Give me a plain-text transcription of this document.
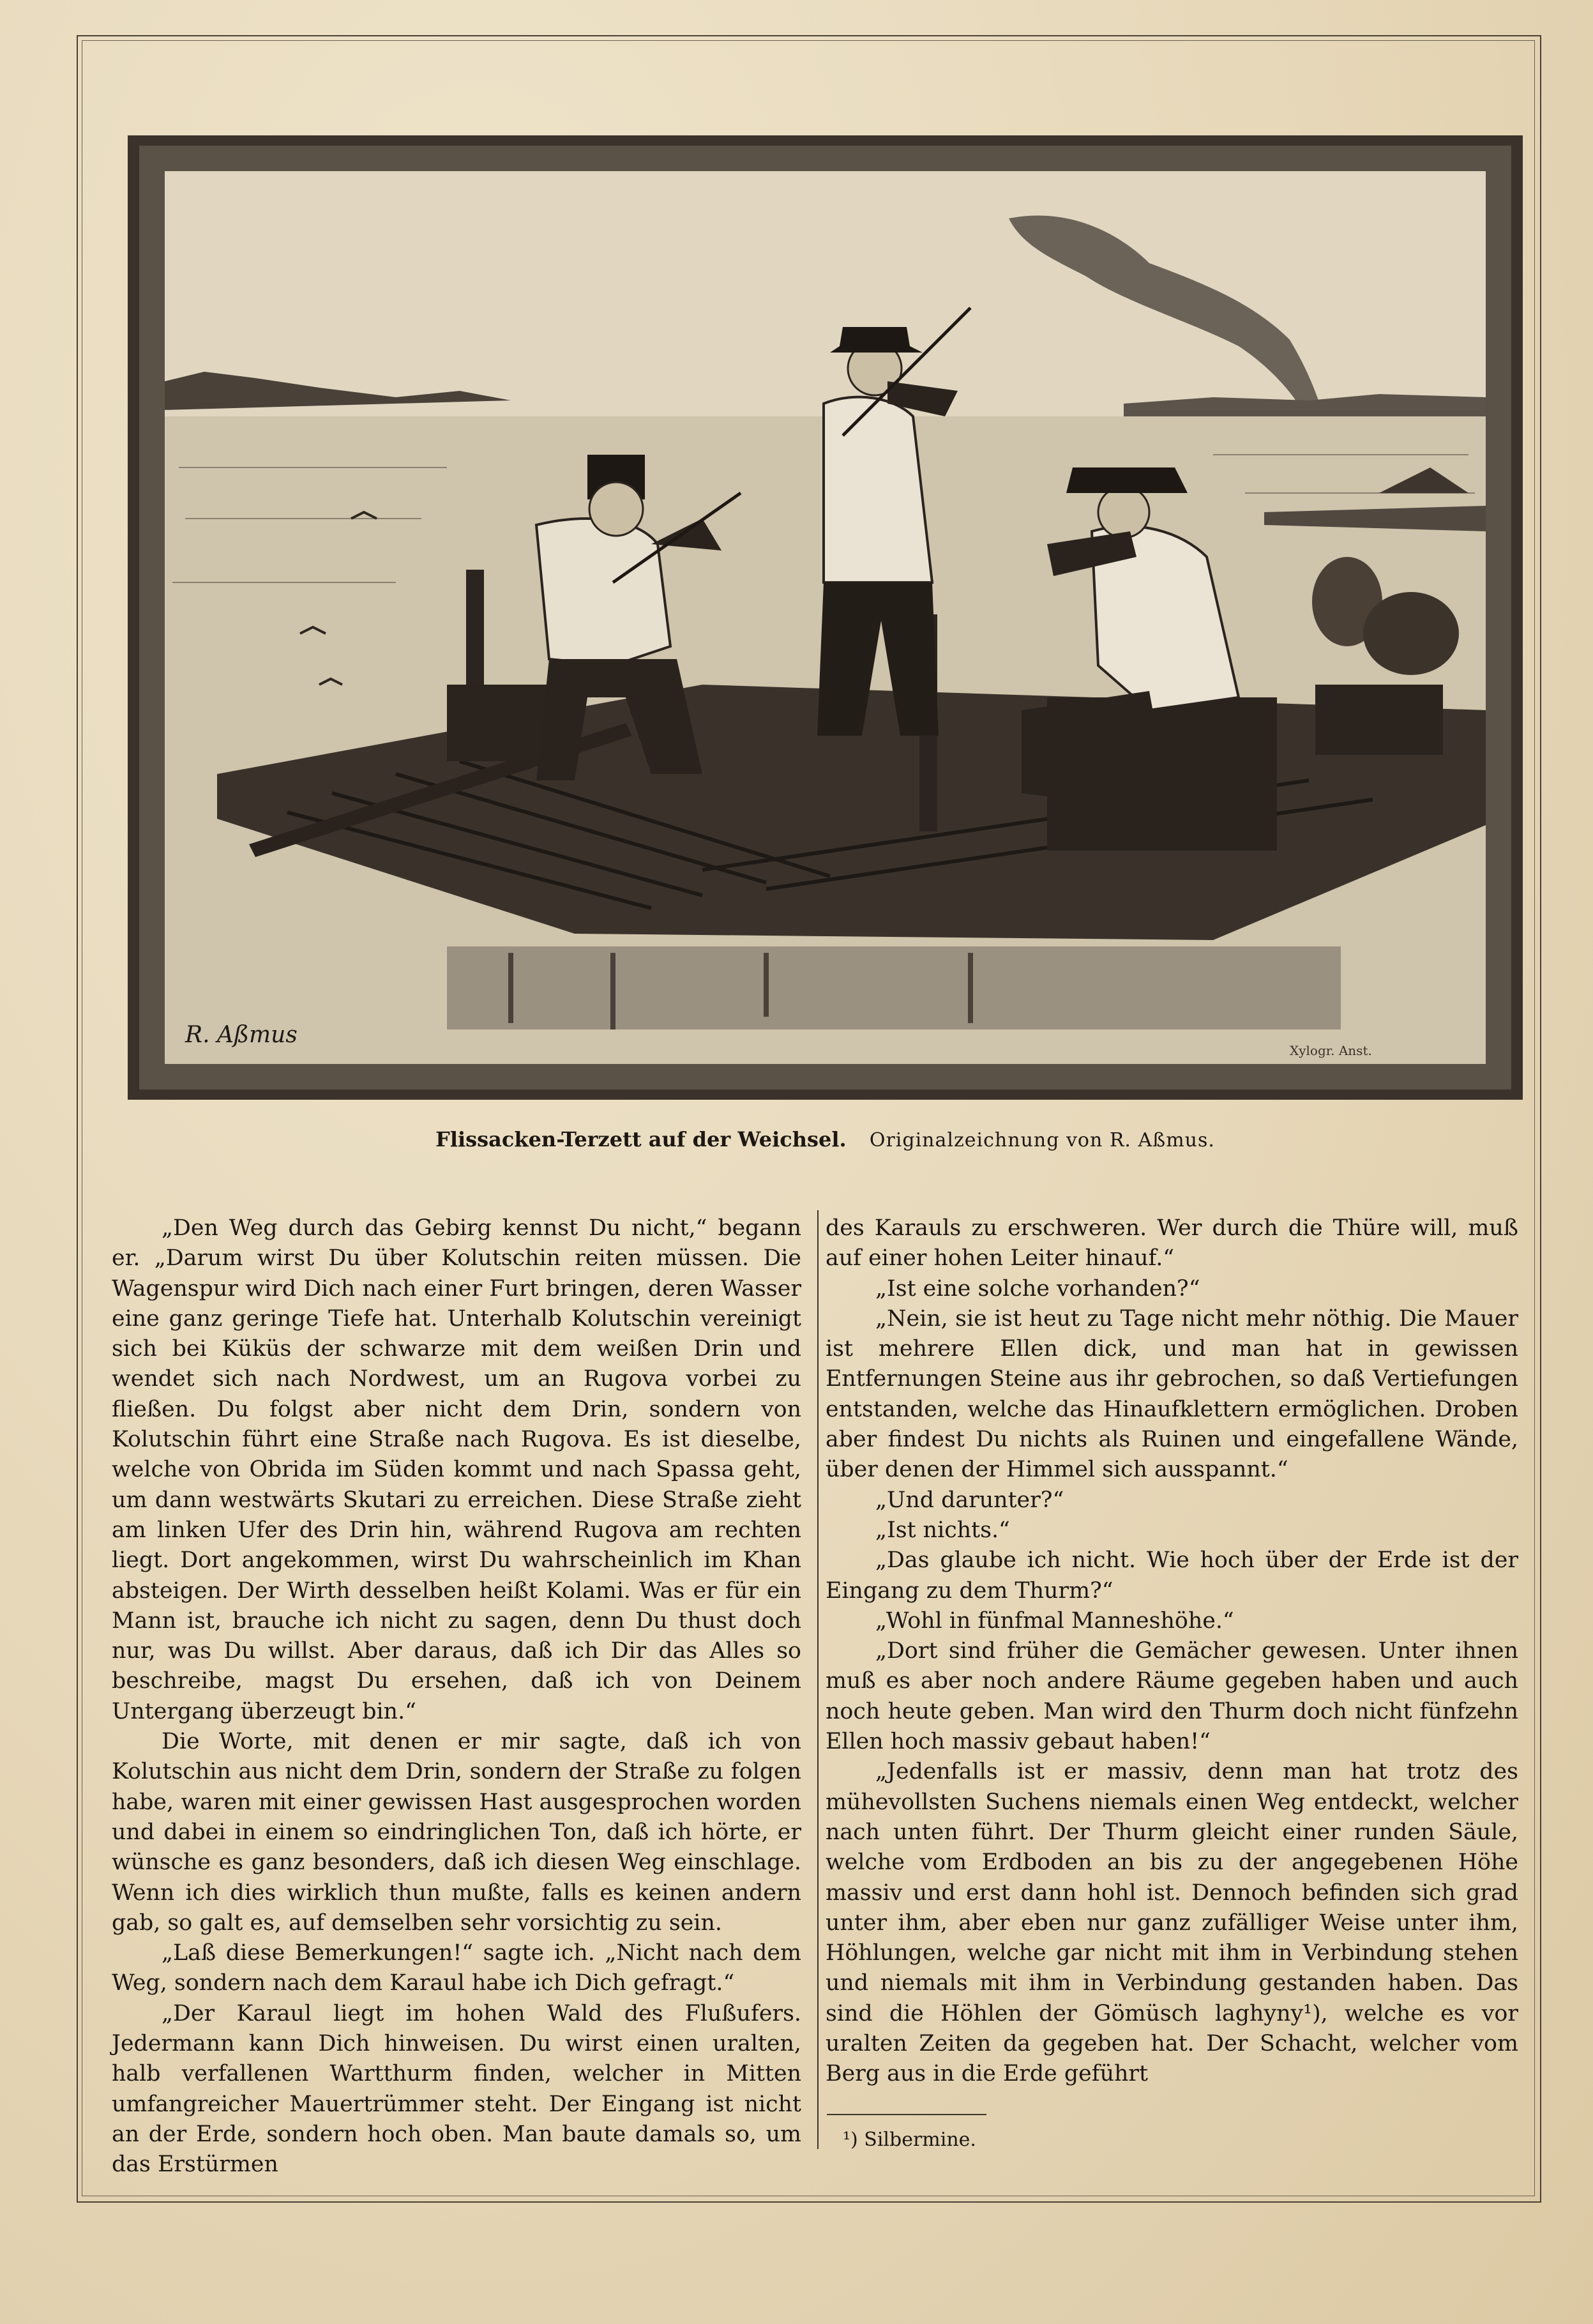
R. Aßmus
Xylogr. Anst.
Flissacken-Terzett auf der Weichsel. Originalzeichnung von R. Aßmus.

„Den Weg durch das Gebirg kennst Du nicht,“ begann er. „Darum wirst Du über Kolutschin reiten müssen. Die Wagenspur wird Dich nach einer Furt bringen, deren Wasser eine ganz geringe Tiefe hat. Unterhalb Kolutschin vereinigt sich bei Küküs der schwarze mit dem weißen Drin und wendet sich nach Nordwest, um an Rugova vorbei zu fließen. Du folgst aber nicht dem Drin, sondern von Kolutschin führt eine Straße nach Rugova. Es ist dieselbe, welche von Obrida im Süden kommt und nach Spassa geht, um dann westwärts Skutari zu erreichen. Diese Straße zieht am linken Ufer des Drin hin, während Rugova am rechten liegt. Dort angekommen, wirst Du wahrscheinlich im Khan absteigen. Der Wirth desselben heißt Kolami. Was er für ein Mann ist, brauche ich nicht zu sagen, denn Du thust doch nur, was Du willst. Aber daraus, daß ich Dir das Alles so beschreibe, magst Du ersehen, daß ich von Deinem Untergang überzeugt bin.“

Die Worte, mit denen er mir sagte, daß ich von Kolutschin aus nicht dem Drin, sondern der Straße zu folgen habe, waren mit einer gewissen Hast ausgesprochen worden und dabei in einem so eindringlichen Ton, daß ich hörte, er wünsche es ganz besonders, daß ich diesen Weg einschlage. Wenn ich dies wirklich thun mußte, falls es keinen andern gab, so galt es, auf demselben sehr vorsichtig zu sein.

„Laß diese Bemerkungen!“ sagte ich. „Nicht nach dem Weg, sondern nach dem Karaul habe ich Dich gefragt.“

„Der Karaul liegt im hohen Wald des Flußufers. Jedermann kann Dich hinweisen. Du wirst einen uralten, halb verfallenen Wartthurm finden, welcher in Mitten umfangreicher Mauertrümmer steht. Der Eingang ist nicht an der Erde, sondern hoch oben. Man baute damals so, um das Erstürmen

des Karauls zu erschweren. Wer durch die Thüre will, muß auf einer hohen Leiter hinauf.“

„Ist eine solche vorhanden?“

„Nein, sie ist heut zu Tage nicht mehr nöthig. Die Mauer ist mehrere Ellen dick, und man hat in gewissen Entfernungen Steine aus ihr gebrochen, so daß Vertiefungen entstanden, welche das Hinaufklettern ermöglichen. Droben aber findest Du nichts als Ruinen und eingefallene Wände, über denen der Himmel sich ausspannt.“

„Und darunter?“

„Ist nichts.“

„Das glaube ich nicht. Wie hoch über der Erde ist der Eingang zu dem Thurm?“

„Wohl in fünfmal Manneshöhe.“

„Dort sind früher die Gemächer gewesen. Unter ihnen muß es aber noch andere Räume gegeben haben und auch noch heute geben. Man wird den Thurm doch nicht fünfzehn Ellen hoch massiv gebaut haben!“

„Jedenfalls ist er massiv, denn man hat trotz des mühevollsten Suchens niemals einen Weg entdeckt, welcher nach unten führt. Der Thurm gleicht einer runden Säule, welche vom Erdboden an bis zu der angegebenen Höhe massiv und erst dann hohl ist. Dennoch befinden sich grad unter ihm, aber eben nur ganz zufälliger Weise unter ihm, Höhlungen, welche gar nicht mit ihm in Verbindung stehen und niemals mit ihm in Verbindung gestanden haben. Das sind die Höhlen der Gömüsch laghyny¹), welche es vor uralten Zeiten da gegeben hat. Der Schacht, welcher vom Berg aus in die Erde geführt

¹) Silbermine.
